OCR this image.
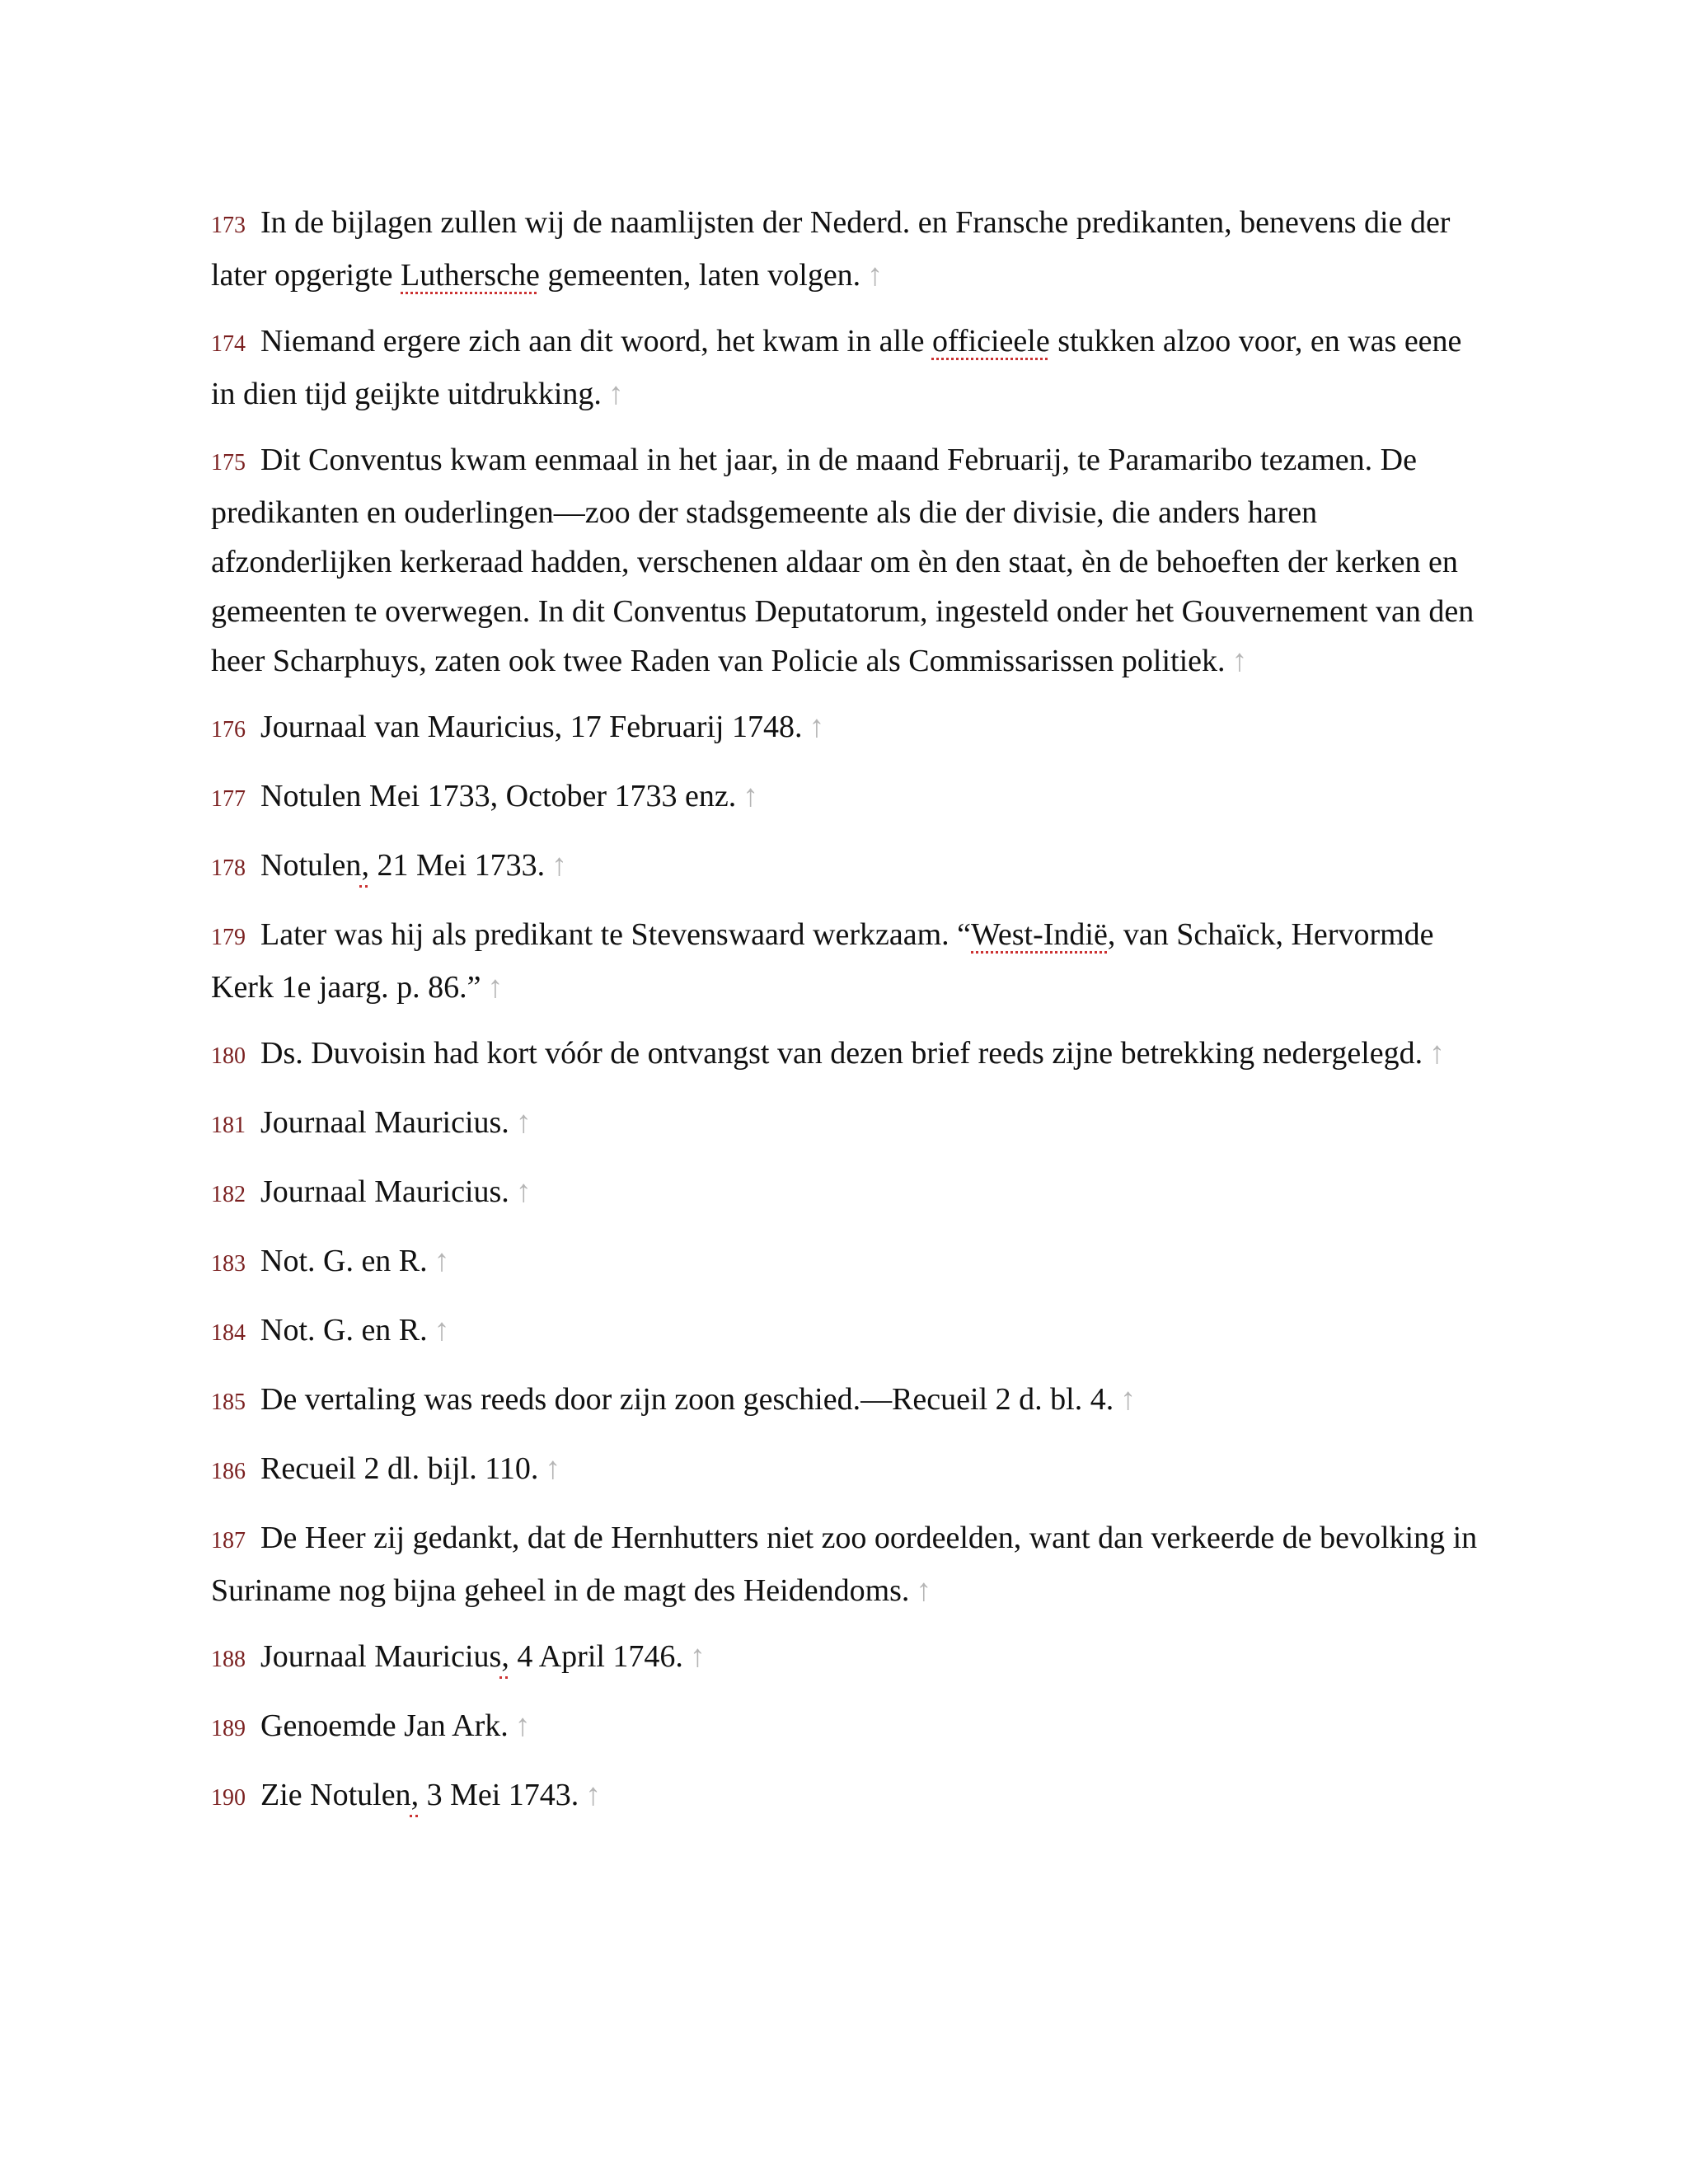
173 In de bijlagen zullen wij de naamlijsten der Nederd. en Fransche predikanten, benevens die der later opgerigte Luthersche gemeenten, laten volgen. ↑

174 Niemand ergere zich aan dit woord, het kwam in alle officieele stukken alzoo voor, en was eene in dien tijd geijkte uitdrukking. ↑

175 Dit Conventus kwam eenmaal in het jaar, in de maand Februarij, te Paramaribo tezamen. De predikanten en ouderlingen—zoo der stadsgemeente als die der divisie, die anders haren afzonderlijken kerkeraad hadden, verschenen aldaar om èn den staat, èn de behoeften der kerken en gemeenten te overwegen. In dit Conventus Deputatorum, ingesteld onder het Gouvernement van den heer Scharphuys, zaten ook twee Raden van Policie als Commissarissen politiek. ↑

176 Journaal van Mauricius, 17 Februarij 1748. ↑

177 Notulen Mei 1733, October 1733 enz. ↑

178 Notulen, 21 Mei 1733. ↑

179 Later was hij als predikant te Stevenswaard werkzaam. “West-Indië, van Schaïck, Hervormde Kerk 1e jaarg. p. 86.” ↑

180 Ds. Duvoisin had kort vóór de ontvangst van dezen brief reeds zijne betrekking nedergelegd. ↑

181 Journaal Mauricius. ↑

182 Journaal Mauricius. ↑

183 Not. G. en R. ↑

184 Not. G. en R. ↑

185 De vertaling was reeds door zijn zoon geschied.—Recueil 2 d. bl. 4. ↑

186 Recueil 2 dl. bijl. 110. ↑

187 De Heer zij gedankt, dat de Hernhutters niet zoo oordeelden, want dan verkeerde de bevolking in Suriname nog bijna geheel in de magt des Heidendoms. ↑

188 Journaal Mauricius, 4 April 1746. ↑

189 Genoemde Jan Ark. ↑

190 Zie Notulen, 3 Mei 1743. ↑
